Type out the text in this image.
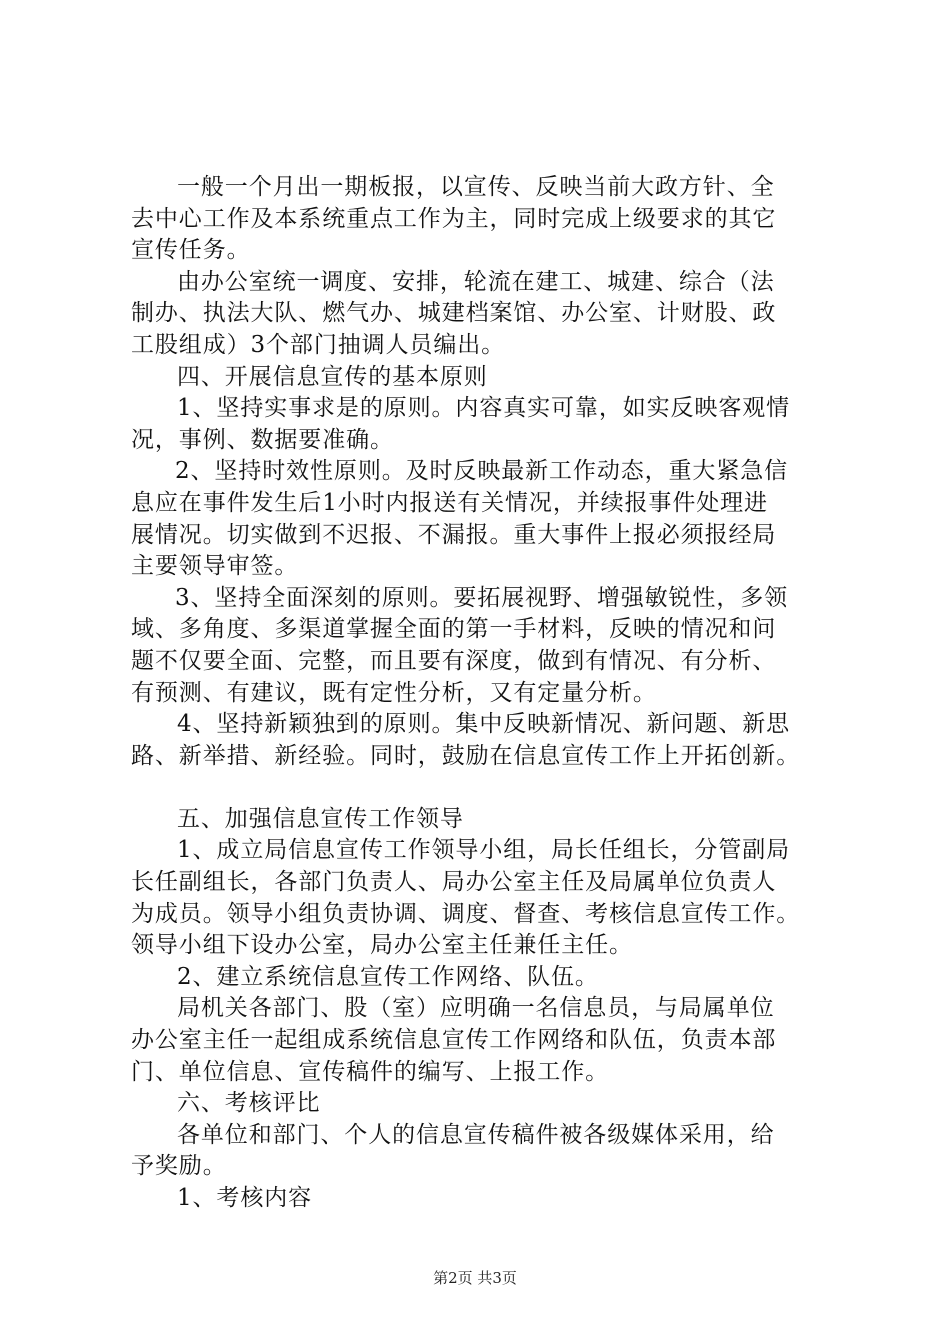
一般一个月出一期板报，以宣传、反映当前大政方针、全
去中心工作及本系统重点工作为主，同时完成上级要求的其它
宣传任务。
由办公室统一调度、安排，轮流在建工、城建、综合（法
制办、执法大队、燃气办、城建档案馆、办公室、计财股、政
工股组成）3个部门抽调人员编出。
四、开展信息宣传的基本原则
1、坚持实事求是的原则。内容真实可靠，如实反映客观情
况，事例、数据要准确。
2、坚持时效性原则。及时反映最新工作动态，重大紧急信
息应在事件发生后1小时内报送有关情况，并续报事件处理进
展情况。切实做到不迟报、不漏报。重大事件上报必须报经局
主要领导审签。
3、坚持全面深刻的原则。要拓展视野、增强敏锐性，多领
域、多角度、多渠道掌握全面的第一手材料，反映的情况和问
题不仅要全面、完整，而且要有深度，做到有情况、有分析、
有预测、有建议，既有定性分析，又有定量分析。
4、坚持新颖独到的原则。集中反映新情况、新问题、新思
路、新举措、新经验。同时，鼓励在信息宣传工作上开拓创新。
五、加强信息宣传工作领导
1、成立局信息宣传工作领导小组，局长任组长，分管副局
长任副组长，各部门负责人、局办公室主任及局属单位负责人
为成员。领导小组负责协调、调度、督查、考核信息宣传工作。
领导小组下设办公室，局办公室主任兼任主任。
2、建立系统信息宣传工作网络、队伍。
局机关各部门、股（室）应明确一名信息员，与局属单位
办公室主任一起组成系统信息宣传工作网络和队伍，负责本部
门、单位信息、宣传稿件的编写、上报工作。
六、考核评比
各单位和部门、个人的信息宣传稿件被各级媒体采用，给
予奖励。
1、考核内容
第2页 共3页
